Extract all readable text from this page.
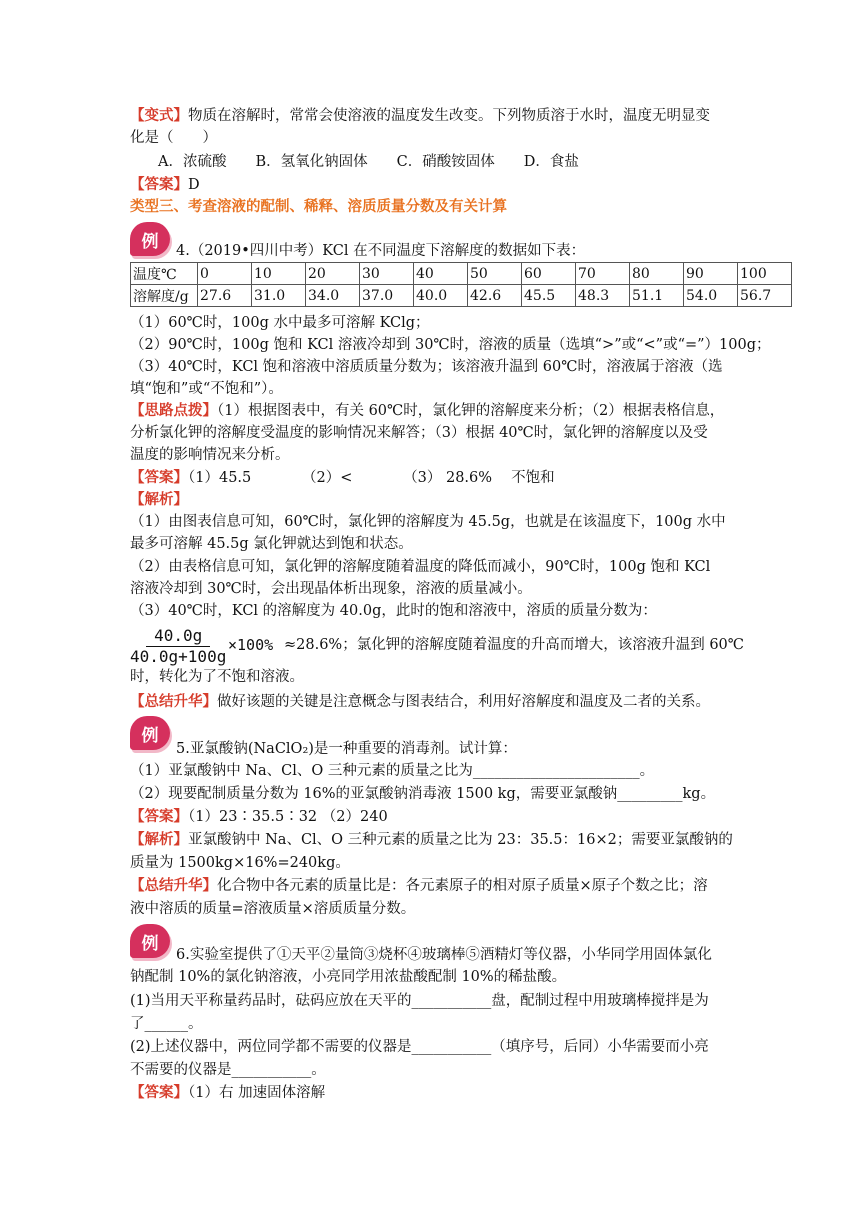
【变式】物质在溶解时，常常会使溶液的温度发生改变。下列物质溶于水时，温度无明显变
化是（　　）
A．浓硫酸　　B．氢氧化钠固体　　C．硝酸铵固体　　D．食盐
【答案】D
类型三、考查溶液的配制、稀释、溶质质量分数及有关计算
例	4.（2019•四川中考）KCl 在不同温度下溶解度的数据如下表：
温度℃	0	10	20	30	40	50	60	70	80	90	100
溶解度/g	27.6	31.0	34.0	37.0	40.0	42.6	45.5	48.3	51.1	54.0	56.7
（1）60℃时，100g 水中最多可溶解 KClg；
（2）90℃时，100g 饱和 KCl 溶液冷却到 30℃时，溶液的质量（选填“>”或“<”或“=”）100g；
（3）40℃时，KCl 饱和溶液中溶质质量分数为；该溶液升温到 60℃时，溶液属于溶液（选
填“饱和”或“不饱和”）。
【思路点拨】（1）根据图表中，有关 60℃时，氯化钾的溶解度来分析；（2）根据表格信息，
分析氯化钾的溶解度受温度的影响情况来解答；（3）根据 40℃时，氯化钾的溶解度以及受
温度的影响情况来分析。
【答案】（1）45.5　　　　（2）<　　　　（3） 28.6%　 不饱和
【解析】
（1）由图表信息可知，60℃时，氯化钾的溶解度为 45.5g，也就是在该温度下，100g 水中
最多可溶解 45.5g 氯化钾就达到饱和状态。
（2）由表格信息可知，氯化钾的溶解度随着温度的降低而减小，90℃时，100g 饱和 KCl
溶液冷却到 30℃时，会出现晶体析出现象，溶液的质量减小。
（3）40℃时，KCl 的溶解度为 40.0g，此时的饱和溶液中，溶质的质量分数为：
$\frac{40.0g}{40.0g+100g} \times 100\% \approx 28.6\%$；氯化钾的溶解度随着温度的升高而增大，该溶液升温到 60℃
时，转化为了不饱和溶液。
【总结升华】做好该题的关键是注意概念与图表结合，利用好溶解度和温度及二者的关系。
例
5.亚氯酸钠(NaClO₂)是一种重要的消毒剂。试计算：
（1）亚氯酸钠中 Na、Cl、O 三种元素的质量之比为_______________________。
（2）现要配制质量分数为 16%的亚氯酸钠消毒液 1500 kg，需要亚氯酸钠_________kg。
【答案】（1）23∶35.5∶32 （2）240
【解析】亚氯酸钠中 Na、Cl、O 三种元素的质量之比为 23：35.5：16×2；需要亚氯酸钠的
质量为 1500kg×16%=240kg。
【总结升华】化合物中各元素的质量比是：各元素原子的相对原子质量×原子个数之比；溶
液中溶质的质量=溶液质量×溶质质量分数。
例
6.实验室提供了①天平②量筒③烧杯④玻璃棒⑤酒精灯等仪器，小华同学用固体氯化
钠配制 10%的氯化钠溶液，小亮同学用浓盐酸配制 10%的稀盐酸。
(1)当用天平称量药品时，砝码应放在天平的___________盘，配制过程中用玻璃棒搅拌是为
了______。
(2)上述仪器中，两位同学都不需要的仪器是___________（填序号，后同）小华需要而小亮
不需要的仪器是___________。
【答案】（1）右 加速固体溶解
